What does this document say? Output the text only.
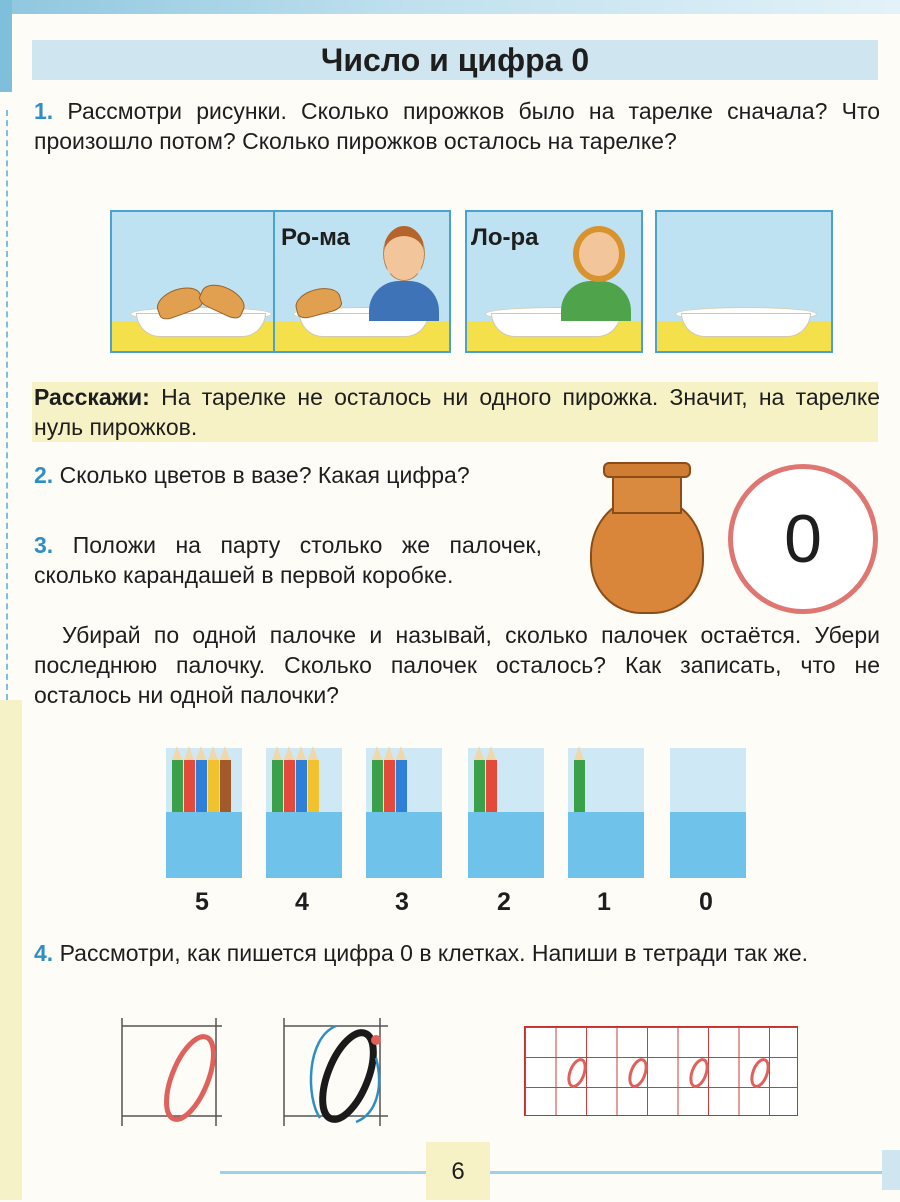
Число и цифра 0
1. Рассмотри рисунки. Сколько пирожков было на тарелке сначала? Что произошло потом? Сколько пирожков осталось на тарелке?
Ро-ма	Ло-ра
Расскажи: На тарелке не осталось ни одного пирожка. Значит, на тарелке нуль пирожков.
2. Сколько цветов в вазе? Какая цифра?
3. Положи на парту столько же палочек, сколько карандашей в первой коробке.
Убирай по одной палочке и называй, сколько палочек остаётся. Убери последнюю палочку. Сколько палочек осталось? Как записать, что не осталось ни одной палочки?
0
5	4	3	2	1	0
4. Рассмотри, как пишется цифра 0 в клетках. Напиши в тетради так же.
6
